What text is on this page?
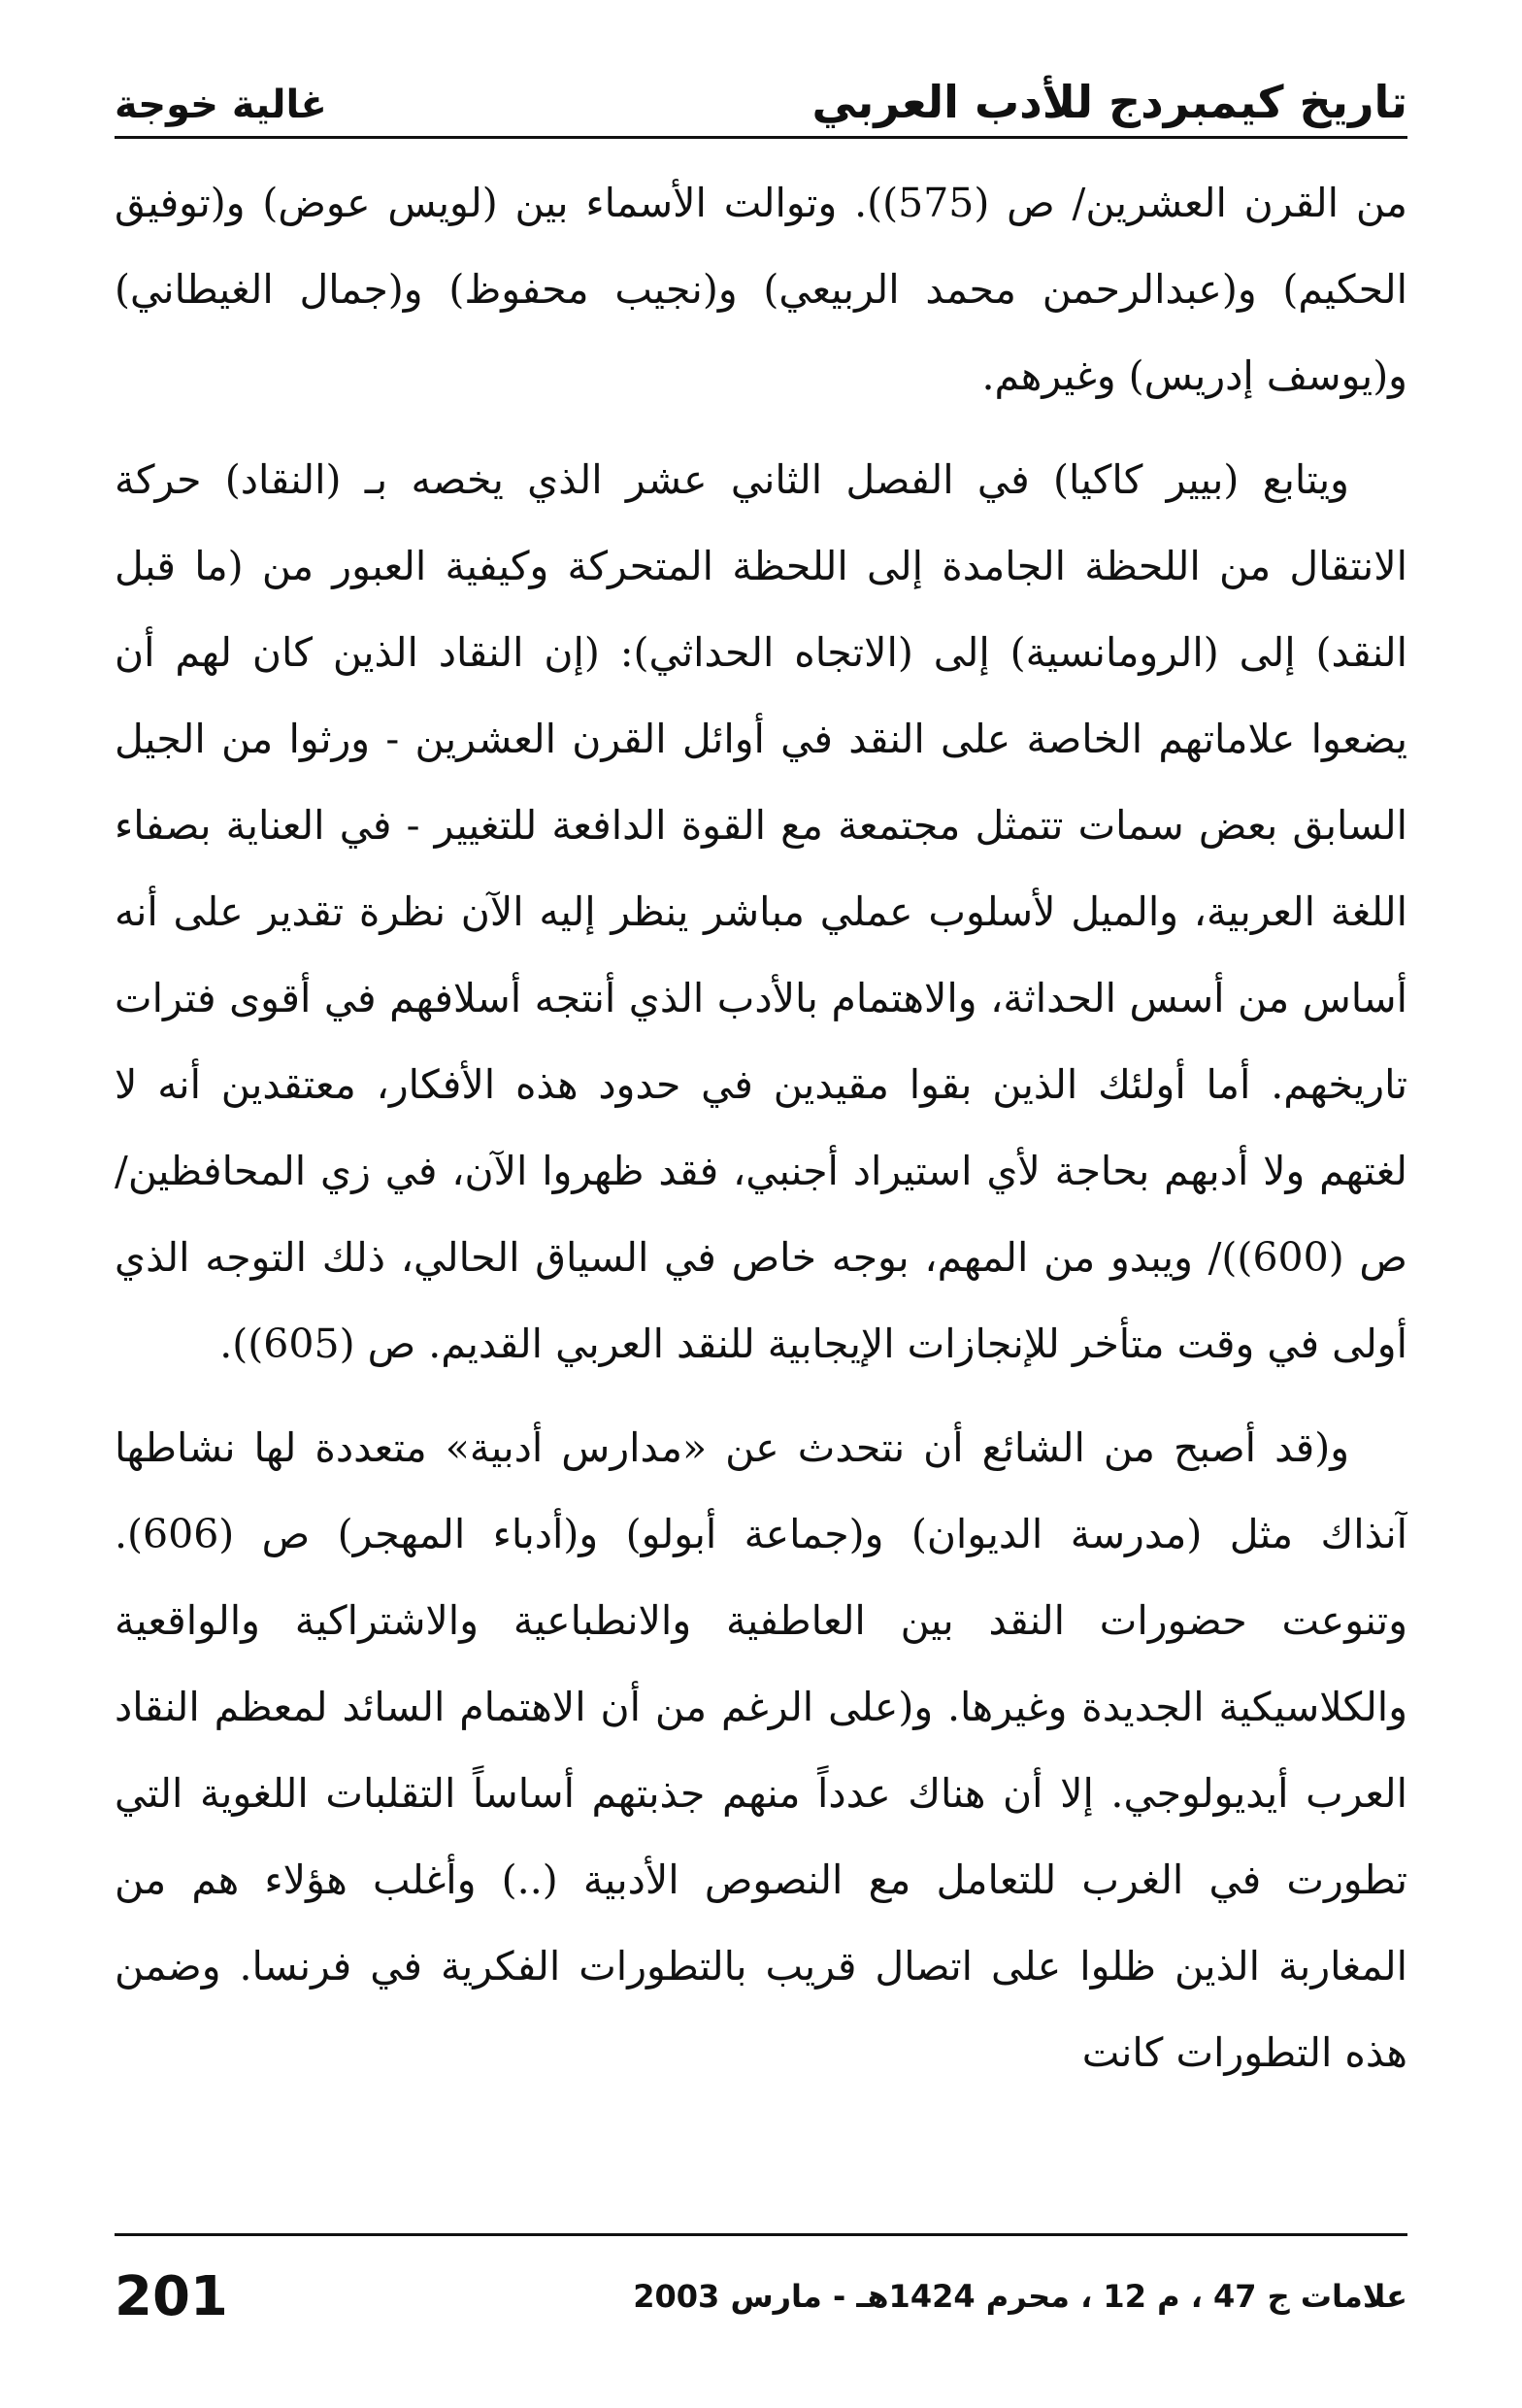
تاريخ كيمبردج للأدب العربي
غالية خوجة

من القرن العشرين/ ص (575)). وتوالت الأسماء بين (لويس عوض) و(توفيق الحكيم) و(عبدالرحمن محمد الربيعي) و(نجيب محفوظ) و(جمال الغيطاني) و(يوسف إدريس) وغيرهم.

ويتابع (بيير كاكيا) في الفصل الثاني عشر الذي يخصه بـ (النقاد) حركة الانتقال من اللحظة الجامدة إلى اللحظة المتحركة وكيفية العبور من (ما قبل النقد) إلى (الرومانسية) إلى (الاتجاه الحداثي): (إن النقاد الذين كان لهم أن يضعوا علاماتهم الخاصة على النقد في أوائل القرن العشرين - ورثوا من الجيل السابق بعض سمات تتمثل مجتمعة مع القوة الدافعة للتغيير - في العناية بصفاء اللغة العربية، والميل لأسلوب عملي مباشر ينظر إليه الآن نظرة تقدير على أنه أساس من أسس الحداثة، والاهتمام بالأدب الذي أنتجه أسلافهم في أقوى فترات تاريخهم. أما أولئك الذين بقوا مقيدين في حدود هذه الأفكار، معتقدين أنه لا لغتهم ولا أدبهم بحاجة لأي استيراد أجنبي، فقد ظهروا الآن، في زي المحافظين/ ص (600))/ ويبدو من المهم، بوجه خاص في السياق الحالي، ذلك التوجه الذي أولى في وقت متأخر للإنجازات الإيجابية للنقد العربي القديم. ص (605)).

و(قد أصبح من الشائع أن نتحدث عن «مدارس أدبية» متعددة لها نشاطها آنذاك مثل (مدرسة الديوان) و(جماعة أبولو) و(أدباء المهجر) ص (606). وتنوعت حضورات النقد بين العاطفية والانطباعية والاشتراكية والواقعية والكلاسيكية الجديدة وغيرها. و(على الرغم من أن الاهتمام السائد لمعظم النقاد العرب أيديولوجي. إلا أن هناك عدداً منهم جذبتهم أساساً التقلبات اللغوية التي تطورت في الغرب للتعامل مع النصوص الأدبية (..) وأغلب هؤلاء هم من المغاربة الذين ظلوا على اتصال قريب بالتطورات الفكرية في فرنسا. وضمن هذه التطورات كانت

علامات ج 47 ، م 12 ، محرم 1424هـ - مارس 2003
201
